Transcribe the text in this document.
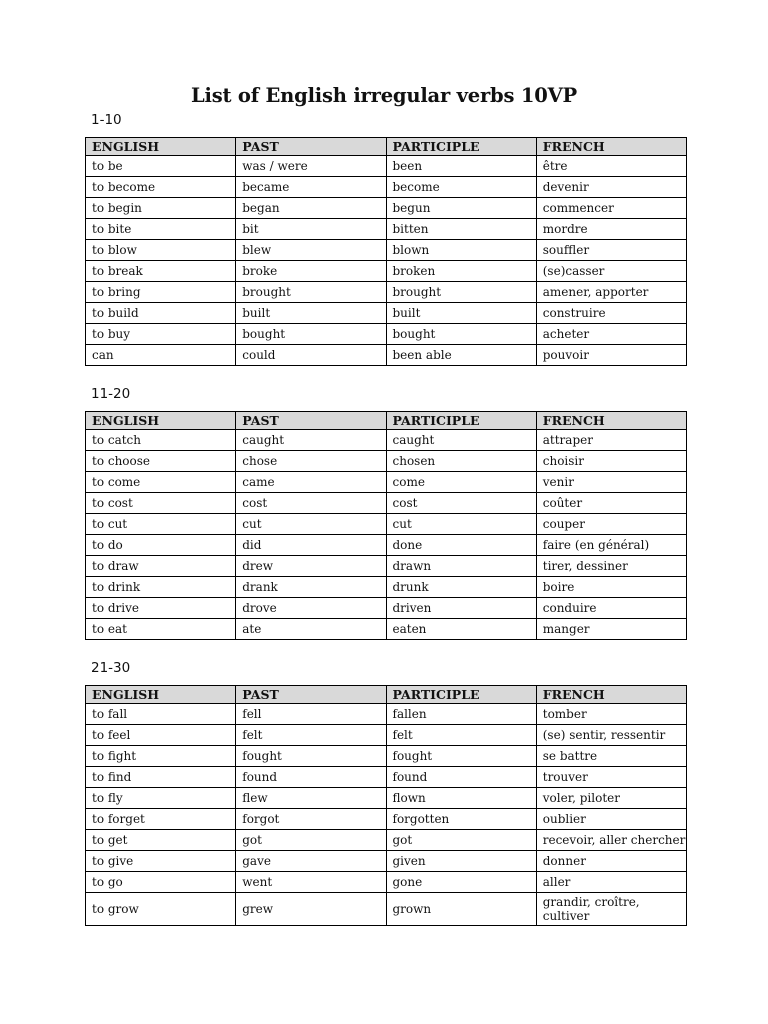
List of English irregular verbs 10VP
1-10
ENGLISH	PAST	PARTICIPLE	FRENCH
to be	was / were	been	être
to become	became	become	devenir
to begin	began	begun	commencer
to bite	bit	bitten	mordre
to blow	blew	blown	souffler
to break	broke	broken	(se)casser
to bring	brought	brought	amener, apporter
to build	built	built	construire
to buy	bought	bought	acheter
can	could	been able	pouvoir
11-20
ENGLISH	PAST	PARTICIPLE	FRENCH
to catch	caught	caught	attraper
to choose	chose	chosen	choisir
to come	came	come	venir
to cost	cost	cost	coûter
to cut	cut	cut	couper
to do	did	done	faire (en général)
to draw	drew	drawn	tirer, dessiner
to drink	drank	drunk	boire
to drive	drove	driven	conduire
to eat	ate	eaten	manger
21-30
ENGLISH	PAST	PARTICIPLE	FRENCH
to fall	fell	fallen	tomber
to feel	felt	felt	(se) sentir, ressentir
to fight	fought	fought	se battre
to find	found	found	trouver
to fly	flew	flown	voler, piloter
to forget	forgot	forgotten	oublier
to get	got	got	recevoir, aller chercher
to give	gave	given	donner
to go	went	gone	aller
to grow	grew	grown	grandir, croître, cultiver
